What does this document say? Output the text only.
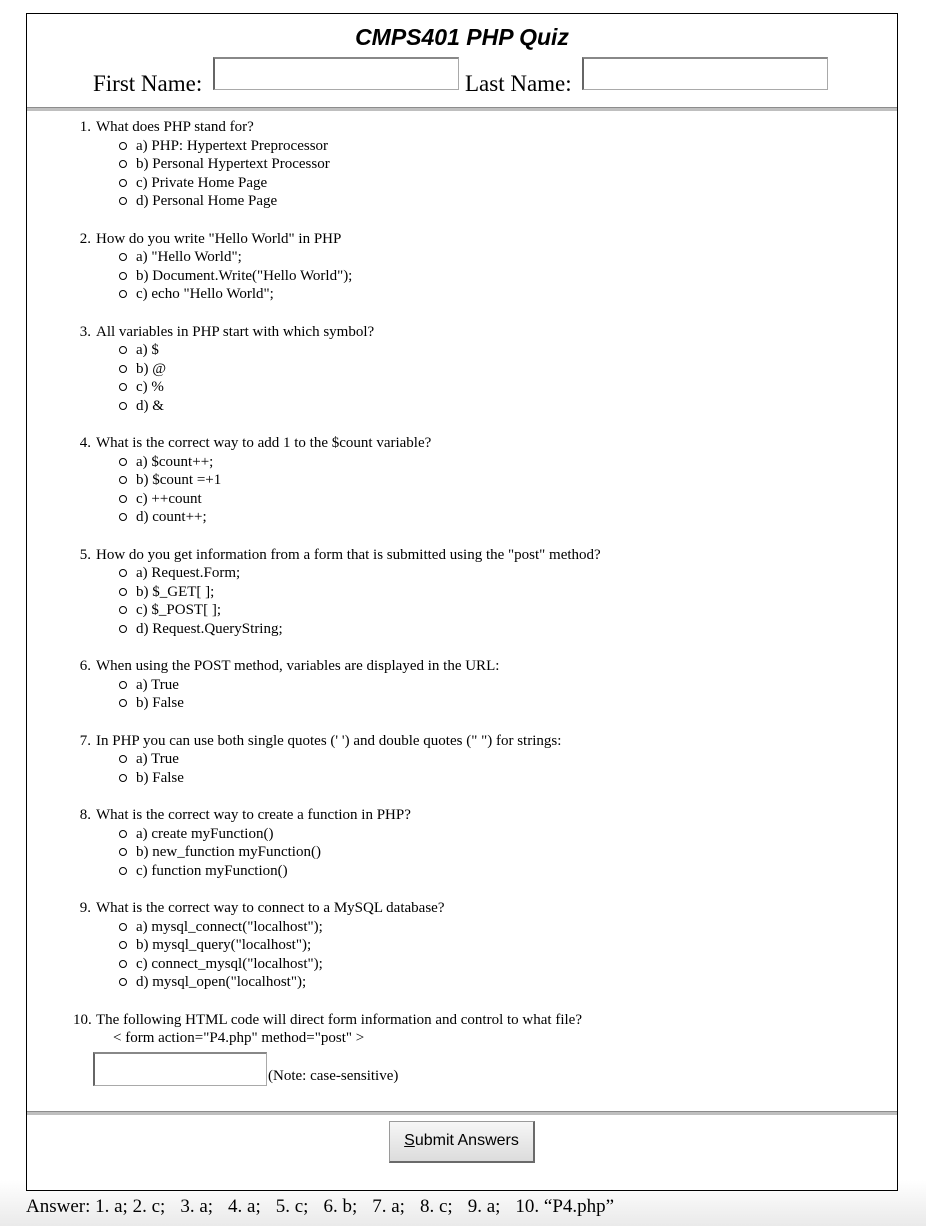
CMPS401 PHP Quiz
First Name:	Last Name:
1. What does PHP stand for?
a) PHP: Hypertext Preprocessor
b) Personal Hypertext Processor
c) Private Home Page
d) Personal Home Page
2. How do you write "Hello World" in PHP
a) "Hello World";
b) Document.Write("Hello World");
c) echo "Hello World";
3. All variables in PHP start with which symbol?
a) $
b) @
c) %
d) &
4. What is the correct way to add 1 to the $count variable?
a) $count++;
b) $count =+1
c) ++count
d) count++;
5. How do you get information from a form that is submitted using the "post" method?
a) Request.Form;
b) $_GET[ ];
c) $_POST[ ];
d) Request.QueryString;
6. When using the POST method, variables are displayed in the URL:
a) True
b) False
7. In PHP you can use both single quotes (' ') and double quotes (" ") for strings:
a) True
b) False
8. What is the correct way to create a function in PHP?
a) create myFunction()
b) new_function myFunction()
c) function myFunction()
9. What is the correct way to connect to a MySQL database?
a) mysql_connect("localhost");
b) mysql_query("localhost");
c) connect_mysql("localhost");
d) mysql_open("localhost");
10. The following HTML code will direct form information and control to what file?
< form action="P4.php" method="post" >
(Note: case-sensitive)
Submit Answers
Answer: 1. a; 2. c; 3. a; 4. a; 5. c; 6. b; 7. a; 8. c; 9. a; 10. “P4.php”
